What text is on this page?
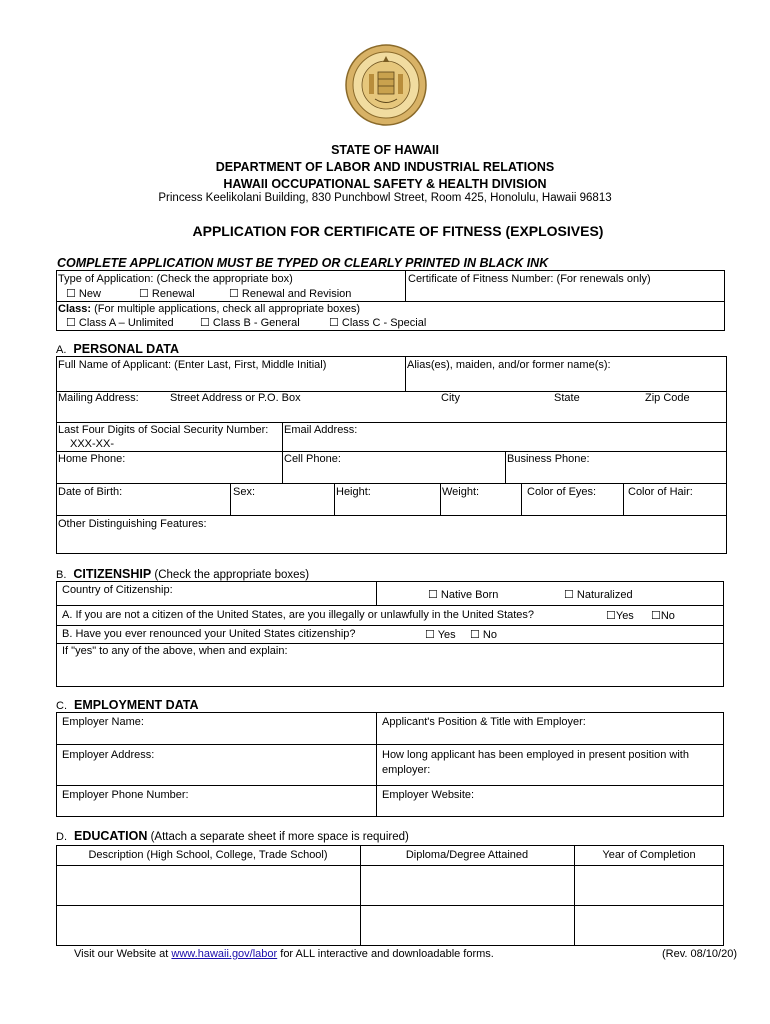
STATE OF HAWAII
DEPARTMENT OF LABOR AND INDUSTRIAL RELATIONS
HAWAII OCCUPATIONAL SAFETY & HEALTH DIVISION
Princess Keelikolani Building, 830 Punchbowl Street, Room 425, Honolulu, Hawaii 96813
APPLICATION FOR CERTIFICATE OF FITNESS (EXPLOSIVES)
COMPLETE APPLICATION MUST BE TYPED OR CLEARLY PRINTED IN BLACK INK
Type of Application: (Check the appropriate box)
☐ New	☐ Renewal	☐ Renewal and Revision
Certificate of Fitness Number: (For renewals only)
Class: (For multiple applications, check all appropriate boxes)
☐ Class A – Unlimited ☐ Class B - General	☐ Class C - Special
A. PERSONAL DATA
Full Name of Applicant: (Enter Last, First, Middle Initial)	Alias(es), maiden, and/or former name(s):
Mailing Address:	Street Address or P.O. Box	City	State	Zip Code
Last Four Digits of Social Security Number:
XXX-XX-
Email Address:
Home Phone:	Cell Phone:	Business Phone:
Date of Birth:	Sex:	Height:	Weight:	Color of Eyes:	Color of Hair:
Other Distinguishing Features:
B. CITIZENSHIP (Check the appropriate boxes)
Country of Citizenship:	☐ Native Born	☐ Naturalized
A. If you are not a citizen of the United States, are you illegally or unlawfully in the United States?	☐Yes ☐No
B. Have you ever renounced your United States citizenship?	☐ Yes ☐ No
If "yes" to any of the above, when and explain:
C. EMPLOYMENT DATA
Employer Name:	Applicant's Position & Title with Employer:
Employer Address:	How long applicant has been employed in present position with
employer:
Employer Phone Number:	Employer Website:
D. EDUCATION (Attach a separate sheet if more space is required)
Description (High School, College, Trade School)	Diploma/Degree Attained	Year of Completion
Visit our Website at www.hawaii.gov/labor for ALL interactive and downloadable forms.	(Rev. 08/10/20)
